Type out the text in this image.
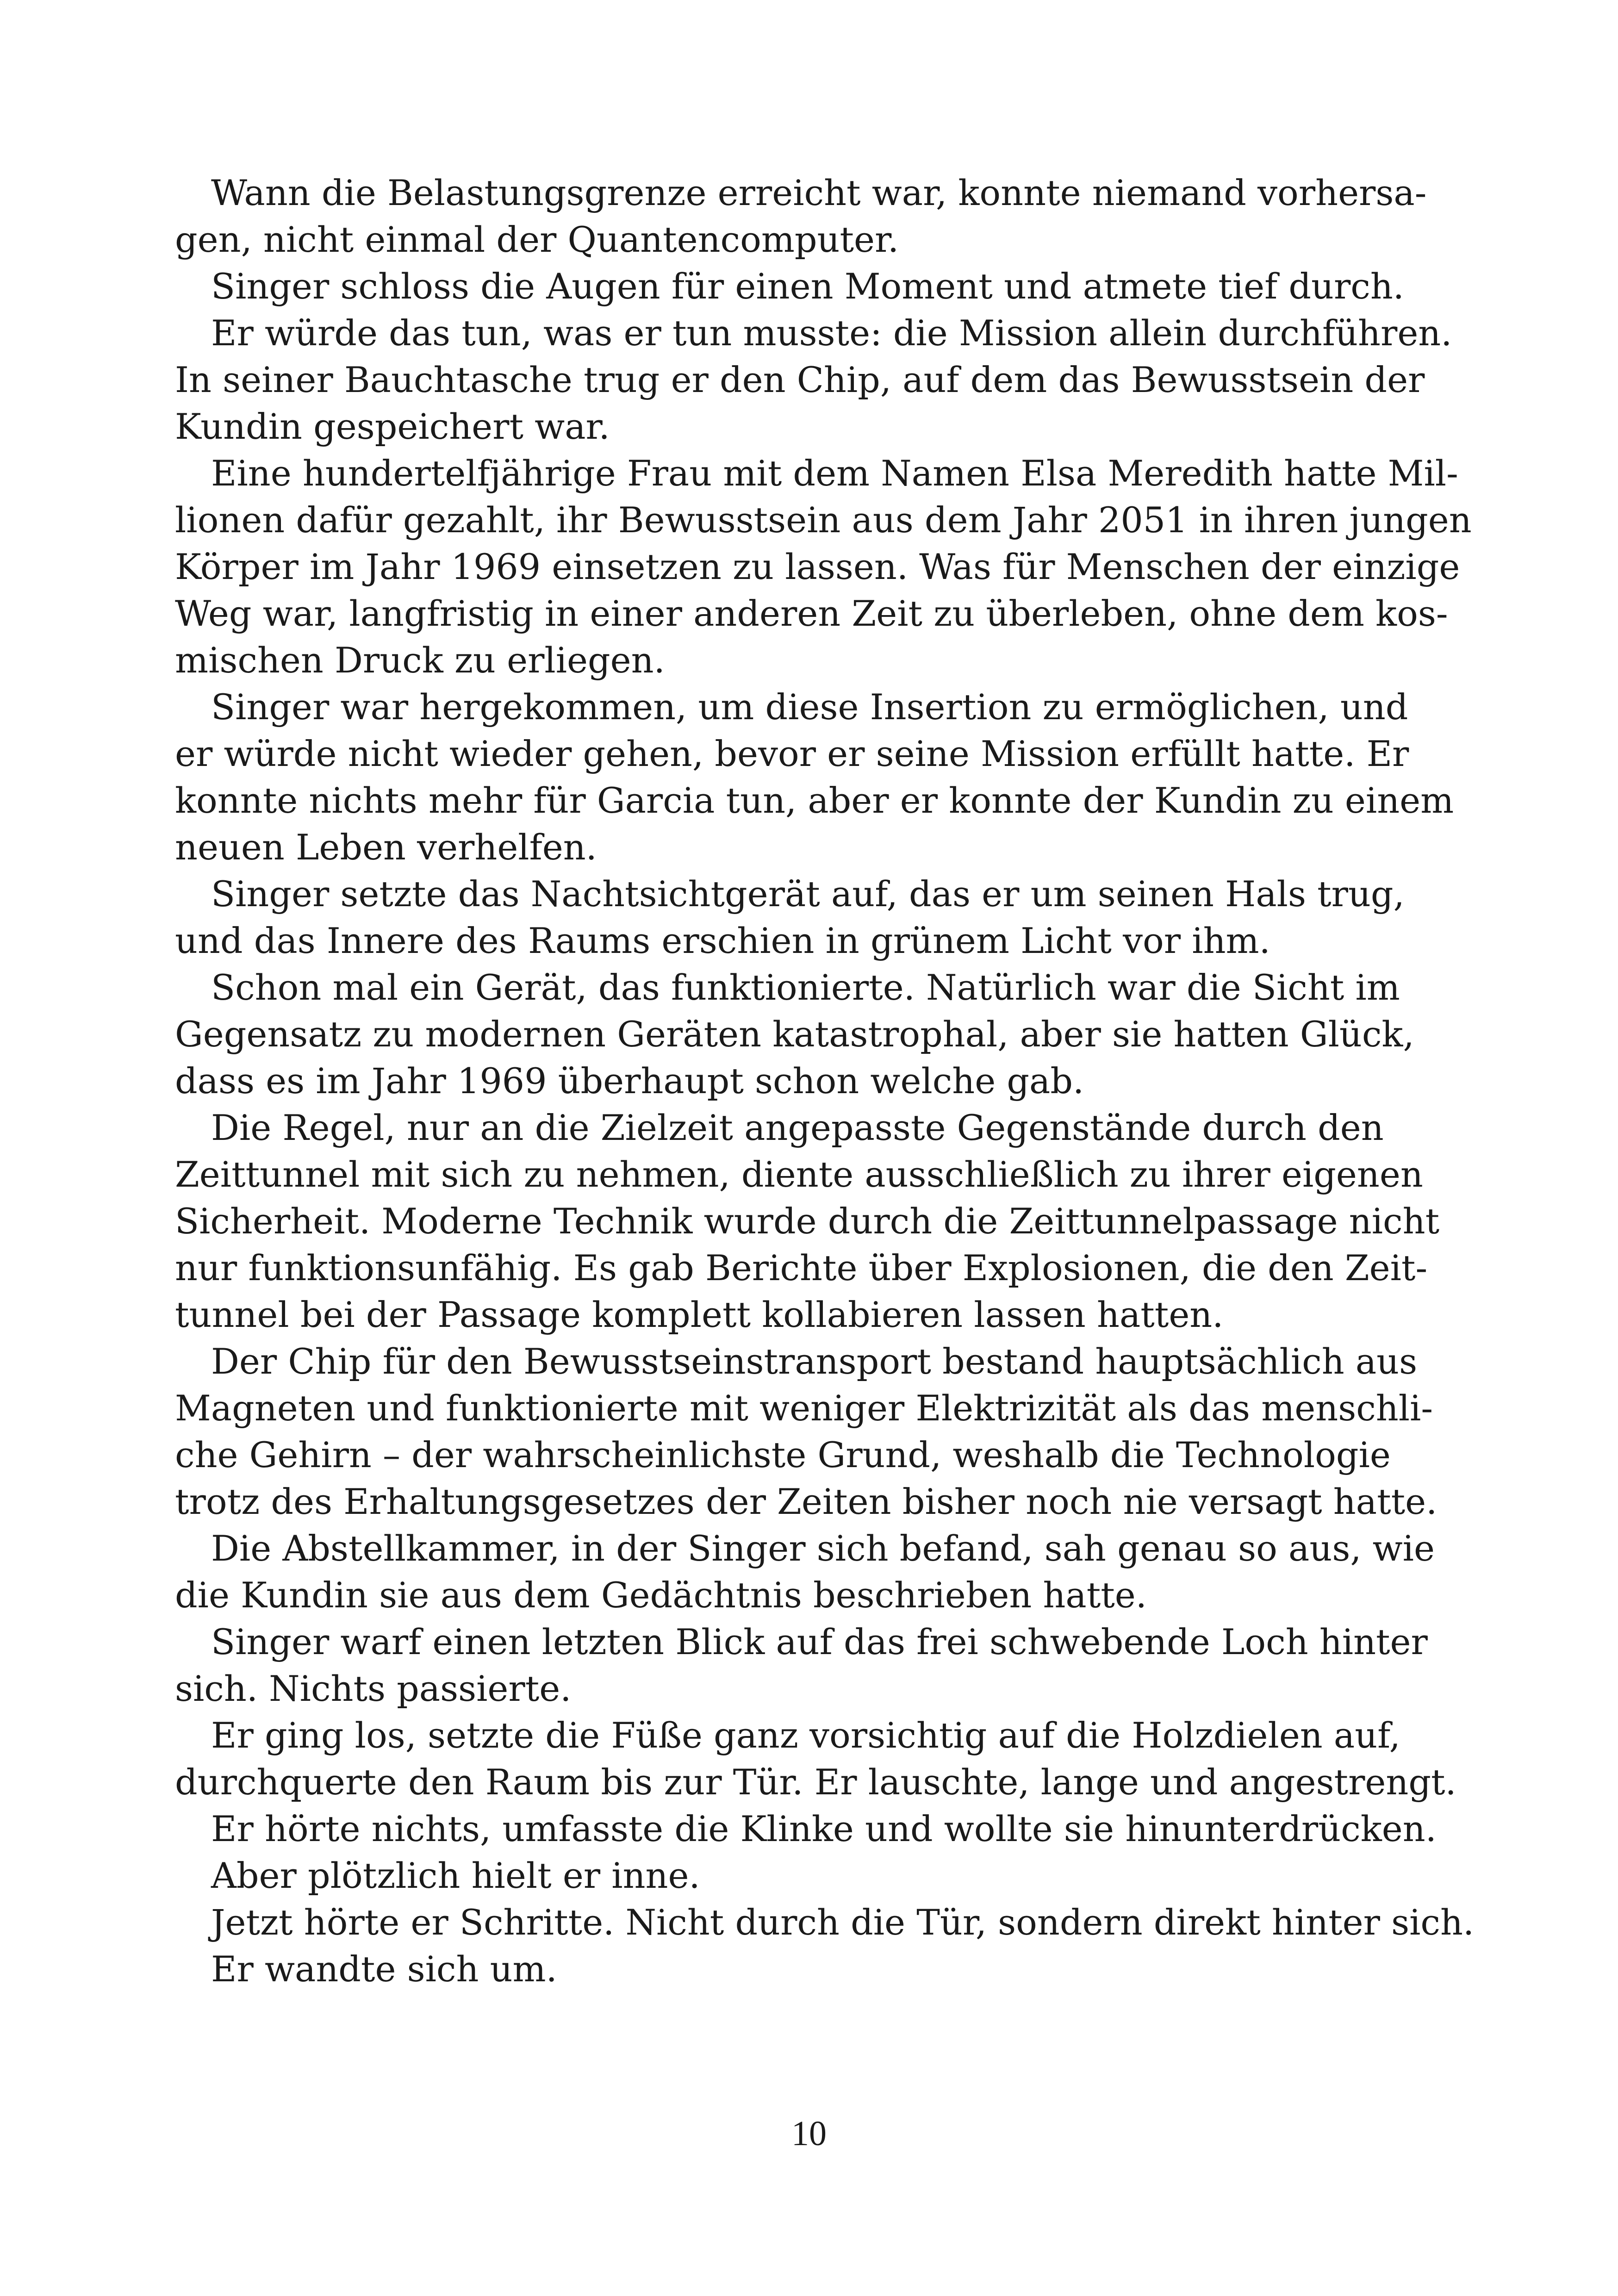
Wann die Belastungsgrenze erreicht war, konnte niemand vorhersa-
gen, nicht einmal der Quantencomputer.
Singer schloss die Augen für einen Moment und atmete tief durch.
Er würde das tun, was er tun musste: die Mission allein durchführen.
In seiner Bauchtasche trug er den Chip, auf dem das Bewusstsein der
Kundin gespeichert war.
Eine hundertelfjährige Frau mit dem Namen Elsa Meredith hatte Mil-
lionen dafür gezahlt, ihr Bewusstsein aus dem Jahr 2051 in ihren jungen
Körper im Jahr 1969 einsetzen zu lassen. Was für Menschen der einzige
Weg war, langfristig in einer anderen Zeit zu überleben, ohne dem kos-
mischen Druck zu erliegen.
Singer war hergekommen, um diese Insertion zu ermöglichen, und
er würde nicht wieder gehen, bevor er seine Mission erfüllt hatte. Er
konnte nichts mehr für Garcia tun, aber er konnte der Kundin zu einem
neuen Leben verhelfen.
Singer setzte das Nachtsichtgerät auf, das er um seinen Hals trug,
und das Innere des Raums erschien in grünem Licht vor ihm.
Schon mal ein Gerät, das funktionierte. Natürlich war die Sicht im
Gegensatz zu modernen Geräten katastrophal, aber sie hatten Glück,
dass es im Jahr 1969 überhaupt schon welche gab.
Die Regel, nur an die Zielzeit angepasste Gegenstände durch den
Zeittunnel mit sich zu nehmen, diente ausschließlich zu ihrer eigenen
Sicherheit. Moderne Technik wurde durch die Zeittunnelpassage nicht
nur funktionsunfähig. Es gab Berichte über Explosionen, die den Zeit-
tunnel bei der Passage komplett kollabieren lassen hatten.
Der Chip für den Bewusstseinstransport bestand hauptsächlich aus
Magneten und funktionierte mit weniger Elektrizität als das menschli-
che Gehirn – der wahrscheinlichste Grund, weshalb die Technologie
trotz des Erhaltungsgesetzes der Zeiten bisher noch nie versagt hatte.
Die Abstellkammer, in der Singer sich befand, sah genau so aus, wie
die Kundin sie aus dem Gedächtnis beschrieben hatte.
Singer warf einen letzten Blick auf das frei schwebende Loch hinter
sich. Nichts passierte.
Er ging los, setzte die Füße ganz vorsichtig auf die Holzdielen auf,
durchquerte den Raum bis zur Tür. Er lauschte, lange und angestrengt.
Er hörte nichts, umfasste die Klinke und wollte sie hinunterdrücken.
Aber plötzlich hielt er inne.
Jetzt hörte er Schritte. Nicht durch die Tür, sondern direkt hinter sich.
Er wandte sich um.
10
